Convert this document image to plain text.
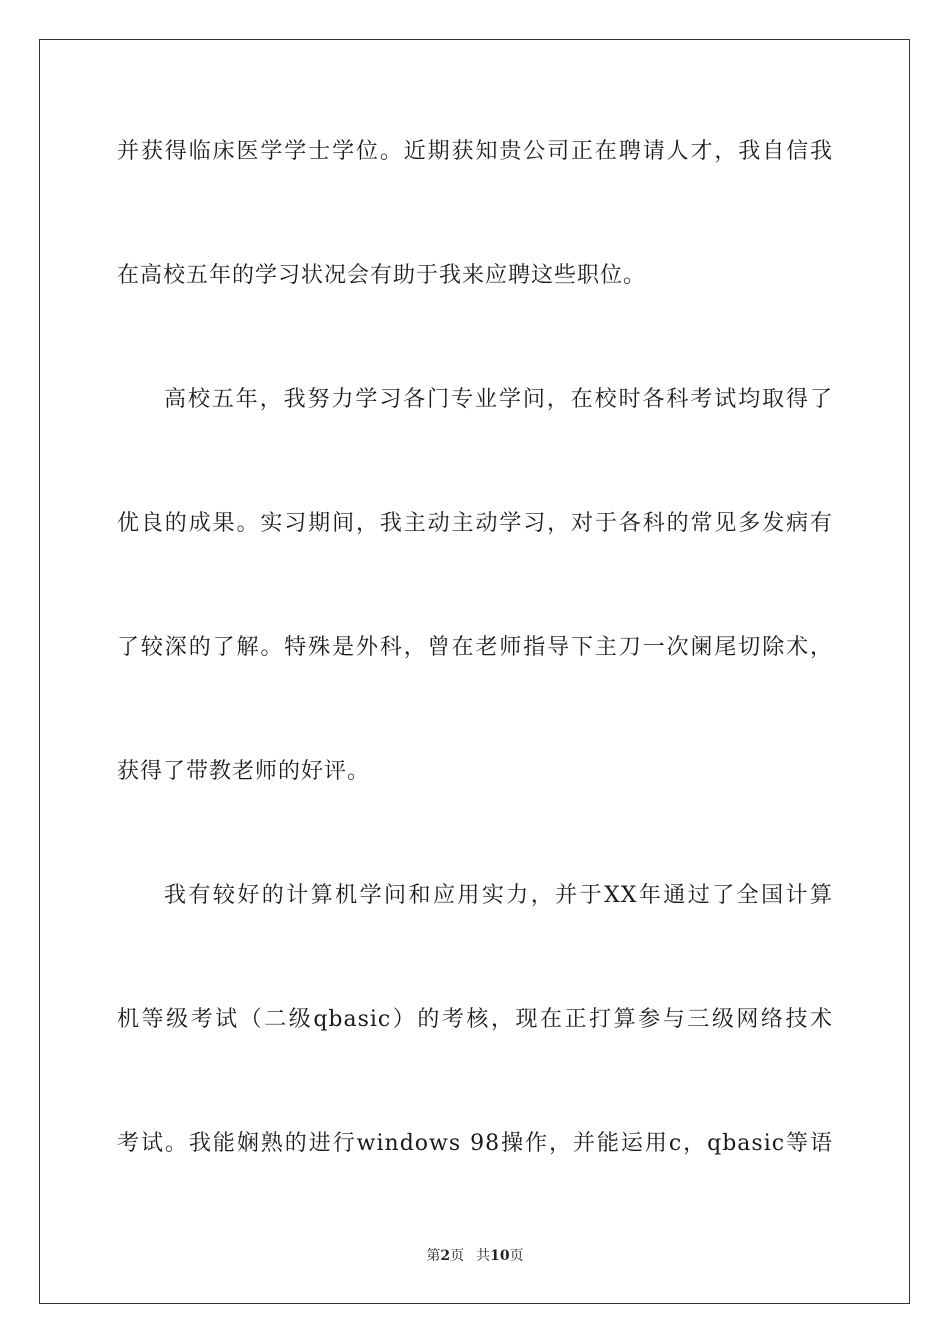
并获得临床医学学士学位。近期获知贵公司正在聘请人才，我自信我
在高校五年的学习状况会有助于我来应聘这些职位。
高校五年，我努力学习各门专业学问，在校时各科考试均取得了
优良的成果。实习期间，我主动主动学习，对于各科的常见多发病有
了较深的了解。特殊是外科，曾在老师指导下主刀一次阑尾切除术，
获得了带教老师的好评。
我有较好的计算机学问和应用实力，并于XX年通过了全国计算
机等级考试（二级qbasic）的考核，现在正打算参与三级网络技术
考试。我能娴熟的进行windows 98操作，并能运用c，qbasic等语
第2页 共10页
